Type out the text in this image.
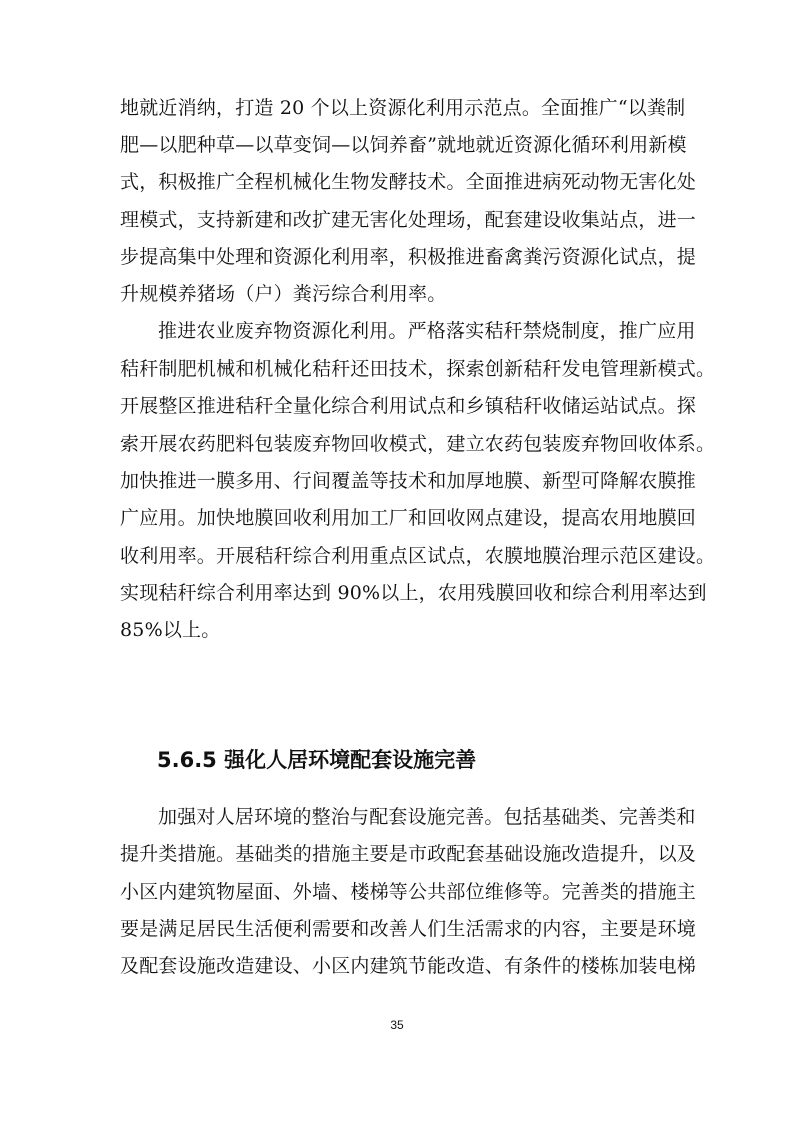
地就近消纳，打造 20 个以上资源化利用示范点。全面推广“以粪制
肥—以肥种草—以草变饲—以饲养畜”就地就近资源化循环利用新模
式，积极推广全程机械化生物发酵技术。全面推进病死动物无害化处
理模式，支持新建和改扩建无害化处理场，配套建设收集站点，进一
步提高集中处理和资源化利用率，积极推进畜禽粪污资源化试点，提
升规模养猪场（户）粪污综合利用率。
推进农业废弃物资源化利用。严格落实秸秆禁烧制度，推广应用
秸秆制肥机械和机械化秸秆还田技术，探索创新秸秆发电管理新模式。
开展整区推进秸秆全量化综合利用试点和乡镇秸秆收储运站试点。探
索开展农药肥料包装废弃物回收模式，建立农药包装废弃物回收体系。
加快推进一膜多用、行间覆盖等技术和加厚地膜、新型可降解农膜推
广应用。加快地膜回收利用加工厂和回收网点建设，提高农用地膜回
收利用率。开展秸秆综合利用重点区试点，农膜地膜治理示范区建设。
实现秸秆综合利用率达到 90%以上，农用残膜回收和综合利用率达到
85%以上。
5.6.5 强化人居环境配套设施完善
加强对人居环境的整治与配套设施完善。包括基础类、完善类和
提升类措施。基础类的措施主要是市政配套基础设施改造提升，以及
小区内建筑物屋面、外墙、楼梯等公共部位维修等。完善类的措施主
要是满足居民生活便利需要和改善人们生活需求的内容，主要是环境
及配套设施改造建设、小区内建筑节能改造、有条件的楼栋加装电梯
35
